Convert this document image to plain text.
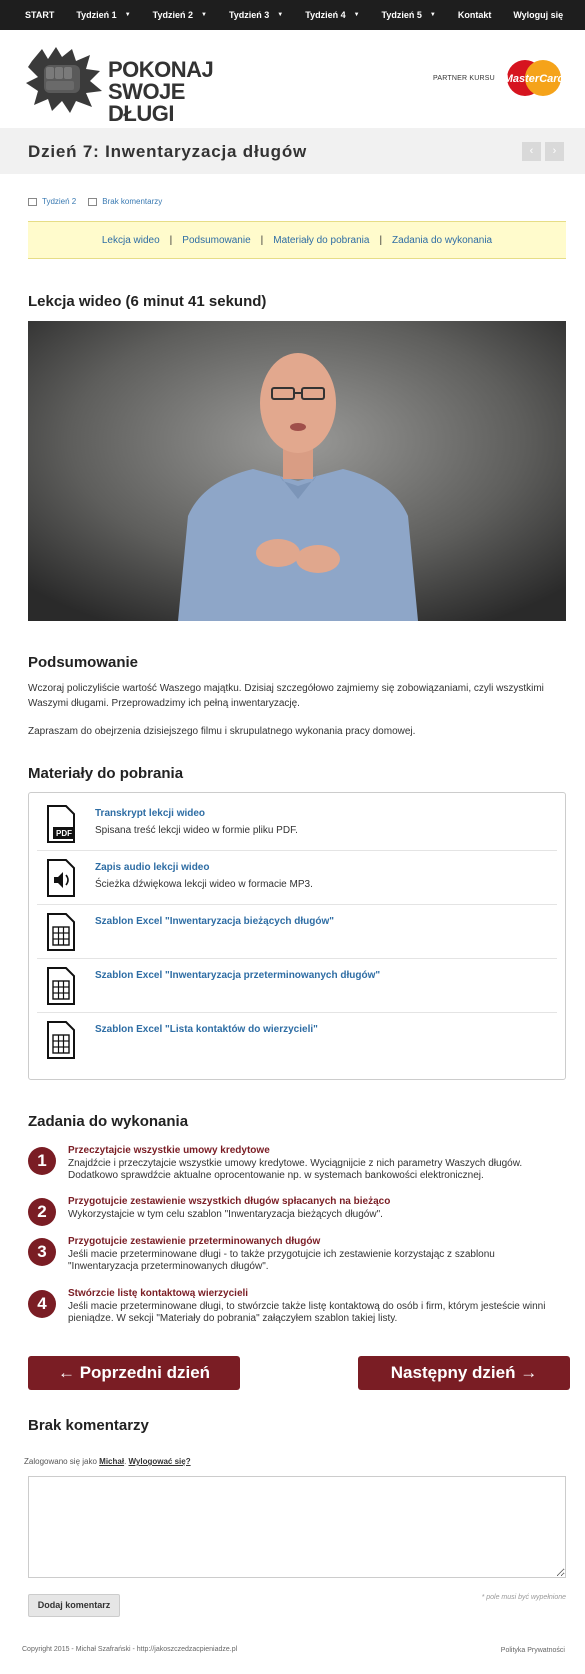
START Tydzień 1 ▼ Tydzień 2 ▼ Tydzień 3 ▼ Tydzień 4 ▼ Tydzień 5 ▼ Kontakt Wyloguj się
POKONAJ
SWOJE DŁUGI
PARTNER KURSU MasterCard
Dzień 7: Inwentaryzacja długów	‹	›
Tydzień 2	Brak komentarzy
Lekcja wideo | Podsumowanie | Materiały do pobrania | Zadania do wykonania
Lekcja wideo (6 minut 41 sekund)
Podsumowanie

Wczoraj policzyliście wartość Waszego majątku. Dzisiaj szczegółowo zajmiemy się zobowiązaniami, czyli wszystkimi Waszymi długami. Przeprowadzimy ich pełną inwentaryzację.

Zapraszam do obejrzenia dzisiejszego filmu i skrupulatnego wykonania pracy domowej.

Materiały do pobrania
PDF
Transkrypt lekcji wideo
Spisana treść lekcji wideo w formie pliku PDF.
Zapis audio lekcji wideo
Ścieżka dźwiękowa lekcji wideo w formacie MP3.
Szablon Excel "Inwentaryzacja bieżących długów"
Szablon Excel "Inwentaryzacja przeterminowanych długów"
Szablon Excel "Lista kontaktów do wierzycieli"
Zadania do wykonania
1
Przeczytajcie wszystkie umowy kredytowe
Znajdźcie i przeczytajcie wszystkie umowy kredytowe. Wyciągnijcie z nich parametry Waszych długów. Dodatkowo sprawdźcie aktualne oprocentowanie np. w systemach bankowości elektronicznej.
2
Przygotujcie zestawienie wszystkich długów spłacanych na bieżąco
Wykorzystajcie w tym celu szablon "Inwentaryzacja bieżących długów".
3
Przygotujcie zestawienie przeterminowanych długów
Jeśli macie przeterminowane długi - to także przygotujcie ich zestawienie korzystając z szablonu "Inwentaryzacja przeterminowanych długów".
4
Stwórzcie listę kontaktową wierzycieli
Jeśli macie przeterminowane długi, to stwórzcie także listę kontaktową do osób i firm, którym jesteście winni pieniądze. W sekcji "Materiały do pobrania" załączyłem szablon takiej listy.
← Poprzedni dzień	Następny dzień →
Brak komentarzy
Zalogowano się jako Michał. Wylogować się?
* pole musi być wypełnione
Dodaj komentarz
Copyright 2015 - Michał Szafrański - http://jakoszczedzacpieniadze.pl	Polityka Prywatności
